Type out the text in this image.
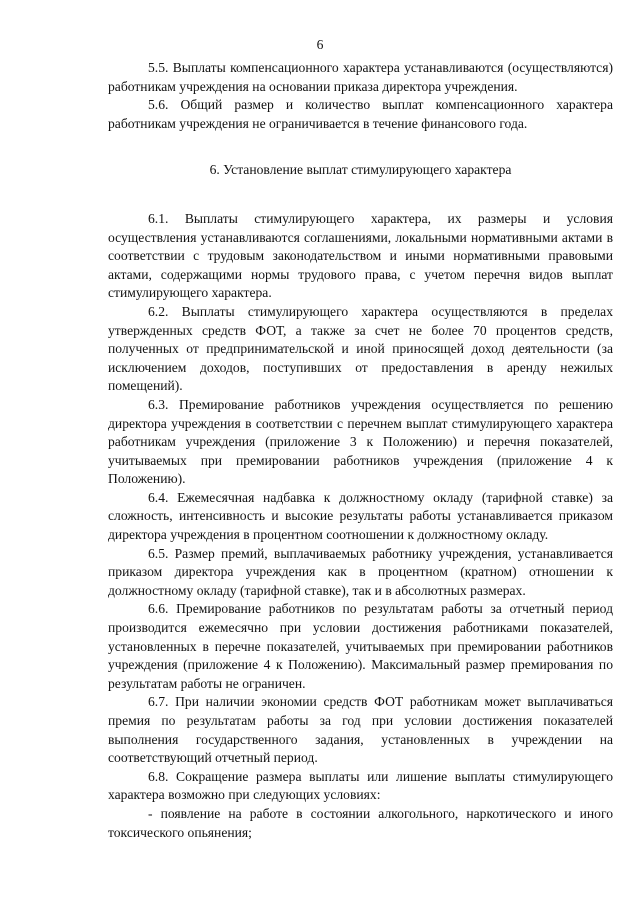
6

5.5. Выплаты компенсационного характера устанавливаются (осуществляются) работникам учреждения на основании приказа директора учреждения.

5.6. Общий размер и количество выплат компенсационного характера работникам учреждения не ограничивается в течение финансового года.

6. Установление выплат стимулирующего характера

6.1. Выплаты стимулирующего характера, их размеры и условия осуществления устанавливаются соглашениями, локальными нормативными актами в соответствии с трудовым законодательством и иными нормативными правовыми актами, содержащими нормы трудового права, с учетом перечня видов выплат стимулирующего характера.

6.2. Выплаты стимулирующего характера осуществляются в пределах утвержденных средств ФОТ, а также за счет не более 70 процентов средств, полученных от предпринимательской и иной приносящей доход деятельности (за исключением доходов, поступивших от предоставления в аренду нежилых помещений).

6.3. Премирование работников учреждения осуществляется по решению директора учреждения в соответствии с перечнем выплат стимулирующего характера работникам учреждения (приложение 3 к Положению) и перечня показателей, учитываемых при премировании работников учреждения (приложение 4 к Положению).

6.4. Ежемесячная надбавка к должностному окладу (тарифной ставке) за сложность, интенсивность и высокие результаты работы устанавливается приказом директора учреждения в процентном соотношении к должностному окладу.

6.5. Размер премий, выплачиваемых работнику учреждения, устанавливается приказом директора учреждения как в процентном (кратном) отношении к должностному окладу (тарифной ставке), так и в абсолютных размерах.

6.6. Премирование работников по результатам работы за отчетный период производится ежемесячно при условии достижения работниками показателей, установленных в перечне показателей, учитываемых при премировании работников учреждения (приложение 4 к Положению). Максимальный размер премирования по результатам работы не ограничен.

6.7. При наличии экономии средств ФОТ работникам может выплачиваться премия по результатам работы за год при условии достижения показателей выполнения государственного задания, установленных в учреждении на соответствующий отчетный период.

6.8. Сокращение размера выплаты или лишение выплаты стимулирующего характера возможно при следующих условиях:

- появление на работе в состоянии алкогольного, наркотического и иного токсического опьянения;
